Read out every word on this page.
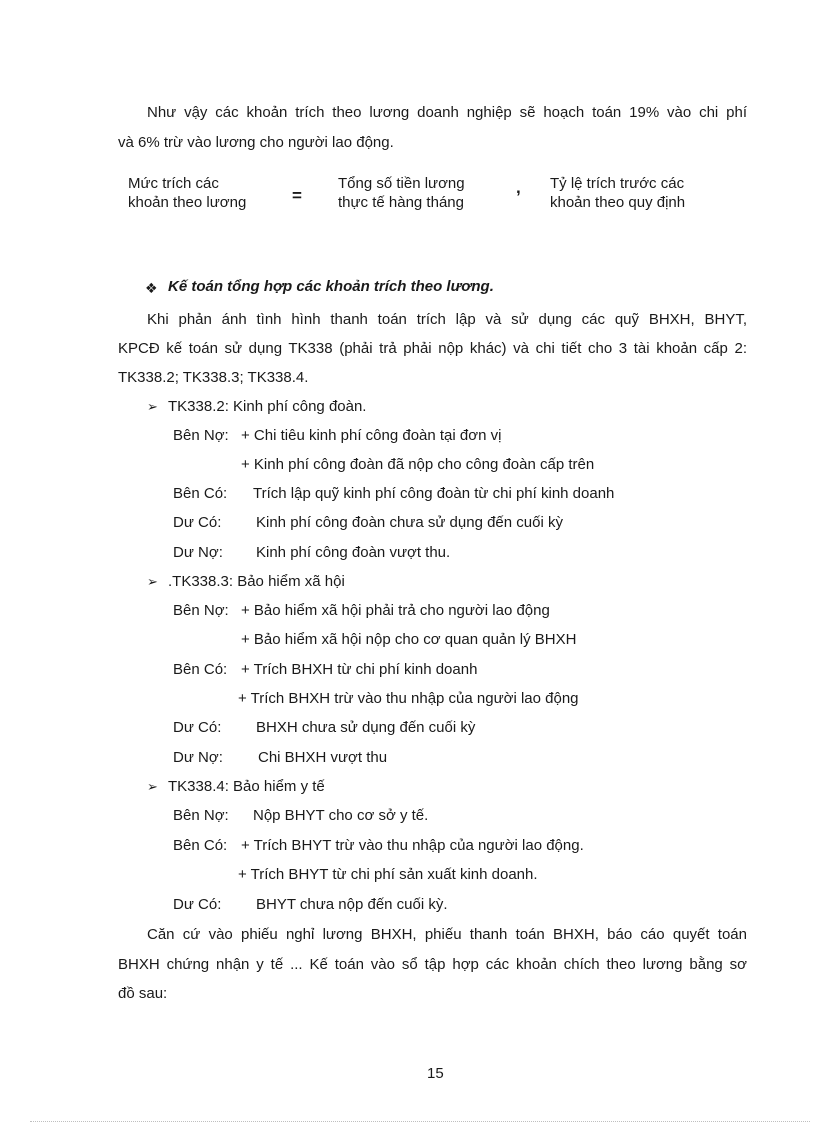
Như vậy các khoản trích theo lương doanh nghiệp sẽ hoạch toán 19% vào chi phí
và 6% trừ vào lương cho người lao động.
Mức trích các
khoản theo lương	=
Tổng số tiền lương
thực tế hàng tháng
, Tỷ lệ trích trước các
khoản theo quy định
❖ Kế toán tổng hợp các khoản trích theo lương.
Khi phản ánh tình hình thanh toán trích lập và sử dụng các quỹ BHXH, BHYT,
KPCĐ kế toán sử dụng TK338 (phải trả phải nộp khác) và chi tiết cho 3 tài khoản cấp 2:
TK338.2; TK338.3; TK338.4.
➢ TK338.2: Kinh phí công đoàn.
Bên Nợ: + Chi tiêu kinh phí công đoàn tại đơn vị
+ Kinh phí công đoàn đã nộp cho công đoàn cấp trên
Bên Có: Trích lập quỹ kinh phí công đoàn từ chi phí kinh doanh
Dư Có: Kinh phí công đoàn chưa sử dụng đến cuối kỳ
Dư Nợ: Kinh phí công đoàn vượt thu.
➢ .TK338.3: Bảo hiểm xã hội
Bên Nợ: + Bảo hiểm xã hội phải trả cho người lao động
+ Bảo hiểm xã hội nộp cho cơ quan quản lý BHXH
Bên Có: + Trích BHXH từ chi phí kinh doanh
+ Trích BHXH trừ vào thu nhập của người lao động
Dư Có: BHXH chưa sử dụng đến cuối kỳ
Dư Nợ: Chi BHXH vượt thu
➢ TK338.4: Bảo hiểm y tế
Bên Nợ: Nộp BHYT cho cơ sở y tế.
Bên Có: + Trích BHYT trừ vào thu nhập của người lao động.
+ Trích BHYT từ chi phí sản xuất kinh doanh.
Dư Có: BHYT chưa nộp đến cuối kỳ.
Căn cứ vào phiếu nghỉ lương BHXH, phiếu thanh toán BHXH, báo cáo quyết toán
BHXH chứng nhận y tế ... Kế toán vào sổ tập hợp các khoản chích theo lương bằng sơ
đồ sau:
15
